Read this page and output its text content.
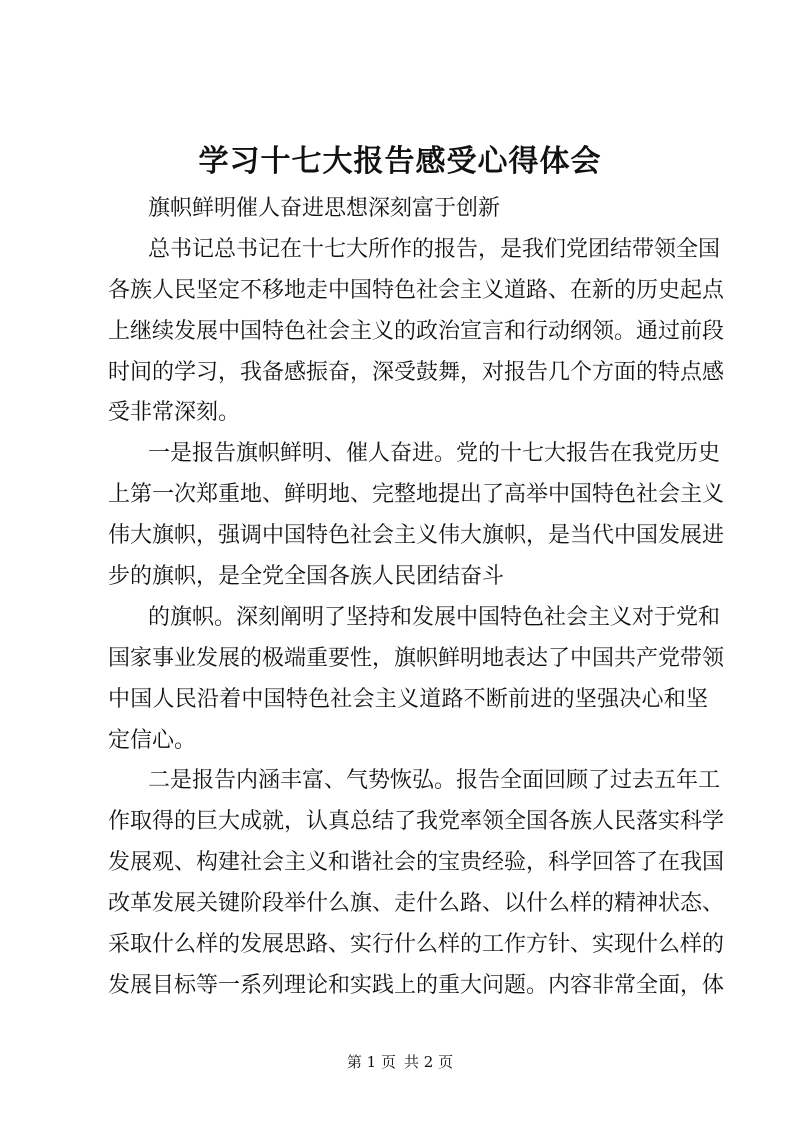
学习十七大报告感受心得体会
旗帜鲜明催人奋进思想深刻富于创新
总书记总书记在十七大所作的报告，是我们党团结带领全国
各族人民坚定不移地走中国特色社会主义道路、在新的历史起点
上继续发展中国特色社会主义的政治宣言和行动纲领。通过前段
时间的学习，我备感振奋，深受鼓舞，对报告几个方面的特点感
受非常深刻。
一是报告旗帜鲜明、催人奋进。党的十七大报告在我党历史
上第一次郑重地、鲜明地、完整地提出了高举中国特色社会主义
伟大旗帜，强调中国特色社会主义伟大旗帜，是当代中国发展进
步的旗帜，是全党全国各族人民团结奋斗
的旗帜。深刻阐明了坚持和发展中国特色社会主义对于党和
国家事业发展的极端重要性，旗帜鲜明地表达了中国共产党带领
中国人民沿着中国特色社会主义道路不断前进的坚强决心和坚
定信心。
二是报告内涵丰富、气势恢弘。报告全面回顾了过去五年工
作取得的巨大成就，认真总结了我党率领全国各族人民落实科学
发展观、构建社会主义和谐社会的宝贵经验，科学回答了在我国
改革发展关键阶段举什么旗、走什么路、以什么样的精神状态、
采取什么样的发展思路、实行什么样的工作方针、实现什么样的
发展目标等一系列理论和实践上的重大问题。内容非常全面，体
第 1 页 共 2 页
